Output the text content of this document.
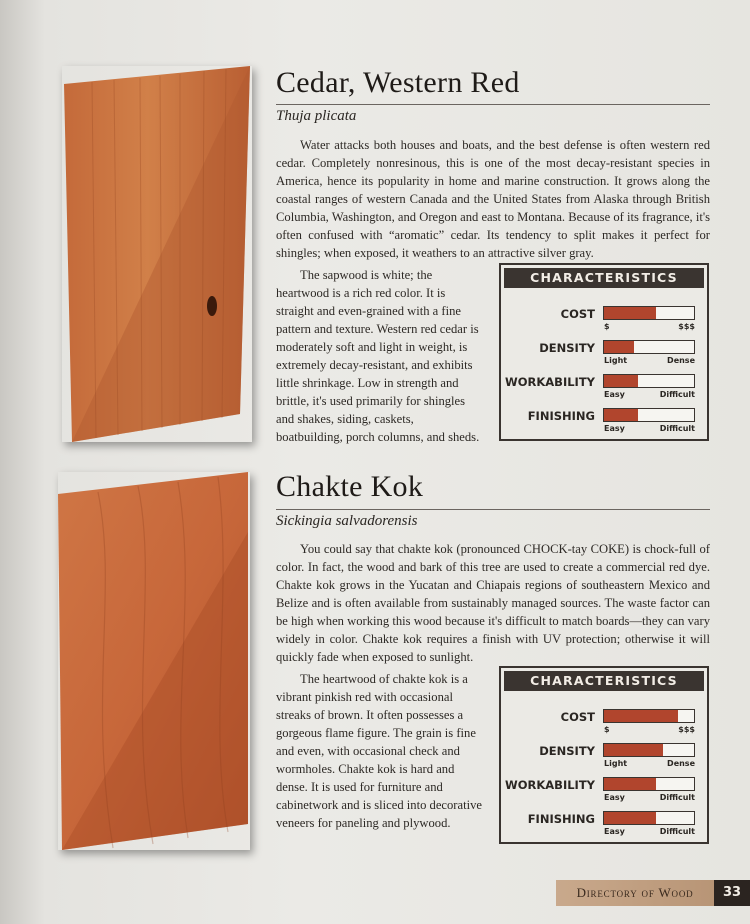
Cedar, Western Red
Thuja plicata

Water attacks both houses and boats, and the best defense is often western red cedar. Completely nonresinous, this is one of the most decay-resistant species in America, hence its popularity in home and marine construction. It grows along the coastal ranges of western Canada and the United States from Alaska through British Columbia, Washington, and Oregon and east to Montana. Because of its fragrance, it's often confused with “aromatic” cedar. Its tendency to split makes it perfect for shingles; when exposed, it weathers to an attractive silver gray.

The sapwood is white; the heartwood is a rich red color. It is straight and even-grained with a fine pattern and texture. Western red cedar is moderately soft and light in weight, is extremely decay-resistant, and exhibits little shrinkage. Low in strength and brittle, it's used primarily for shingles and shakes, siding, caskets, boatbuilding, porch columns, and sheds.

CHARACTERISTICS
COST
$	$$$
DENSITY
Light	Dense
WORKABILITY
Easy	Difficult
FINISHING
Easy	Difficult
Chakte Kok
Sickingia salvadorensis

You could say that chakte kok (pronounced CHOCK-tay COKE) is chock-full of color. In fact, the wood and bark of this tree are used to create a commercial red dye. Chakte kok grows in the Yucatan and Chiapais regions of southeastern Mexico and Belize and is often available from sustainably managed sources. The waste factor can be high when working this wood because it's difficult to match boards—they can vary widely in color. Chakte kok requires a finish with UV protection; otherwise it will quickly fade when exposed to sunlight.

The heartwood of chakte kok is a vibrant pinkish red with occasional streaks of brown. It often possesses a gorgeous flame figure. The grain is fine and even, with occasional check and wormholes. Chakte kok is hard and dense. It is used for furniture and cabinetwork and is sliced into decorative veneers for paneling and plywood.

CHARACTERISTICS
COST
$	$$$
DENSITY
Light	Dense
WORKABILITY
Easy	Difficult
FINISHING
Easy	Difficult
Directory of Wood	33
